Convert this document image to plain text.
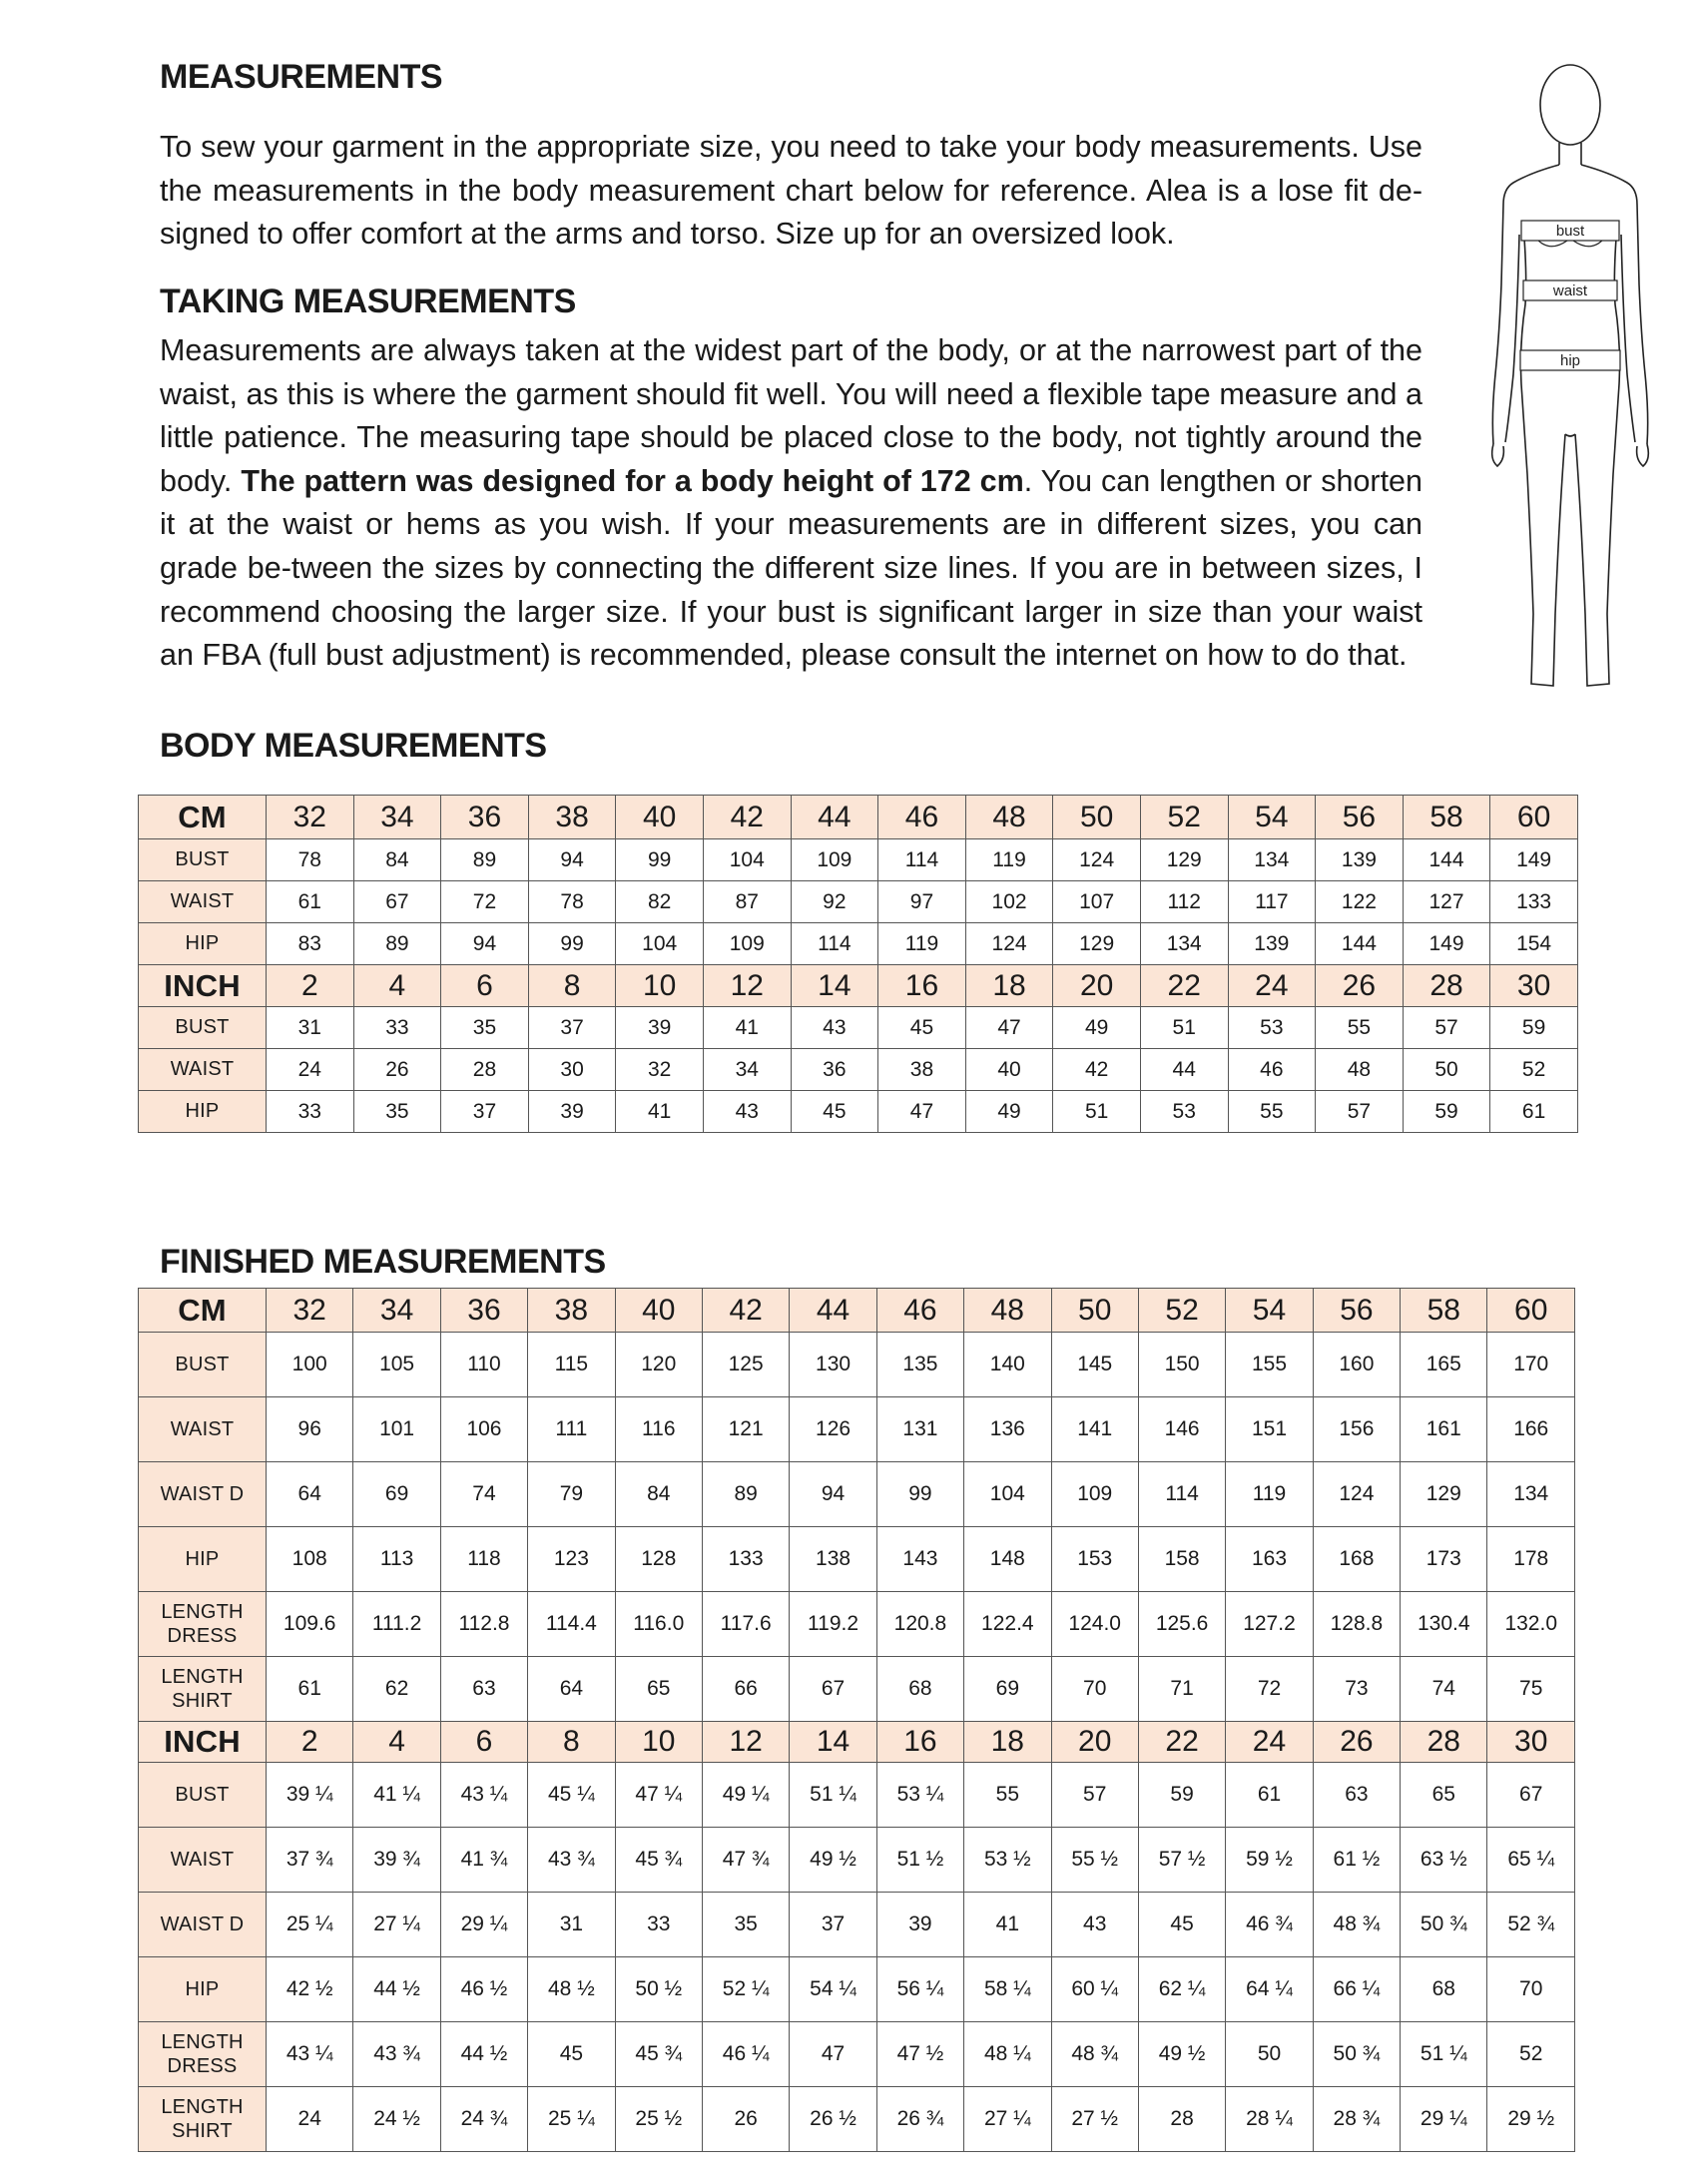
MEASUREMENTS

To sew your garment in the appropriate size, you need to take your body measurements. Use the measurements in the body measurement chart below for reference. Alea is a lose fit de-signed to offer comfort at the arms and torso. Size up for an oversized look.

TAKING MEASUREMENTS

Measurements are always taken at the widest part of the body, or at the narrowest part of the waist, as this is where the garment should fit well. You will need a flexible tape measure and a little patience. The measuring tape should be placed close to the body, not tightly around the body. The pattern was designed for a body height of 172 cm. You can lengthen or shorten it at the waist or hems as you wish. If your measurements are in different sizes, you can grade be-tween the sizes by connecting the different size lines. If you are in between sizes, I recommend choosing the larger size. If your bust is significant larger in size than your waist an FBA (full bust adjustment) is recommended, please consult the internet on how to do that.

bust
waist
hip
BODY MEASUREMENTS
CM	32	34	36	38	40	42	44	46	48	50	52	54	56	58	60
BUST	78	84	89	94	99	104	109	114	119	124	129	134	139	144	149
WAIST	61	67	72	78	82	87	92	97	102	107	112	117	122	127	133
HIP	83	89	94	99	104	109	114	119	124	129	134	139	144	149	154
INCH	2	4	6	8	10	12	14	16	18	20	22	24	26	28	30
BUST	31	33	35	37	39	41	43	45	47	49	51	53	55	57	59
WAIST	24	26	28	30	32	34	36	38	40	42	44	46	48	50	52
HIP	33	35	37	39	41	43	45	47	49	51	53	55	57	59	61
FINISHED MEASUREMENTS
CM	32	34	36	38	40	42	44	46	48	50	52	54	56	58	60
BUST	100	105	110	115	120	125	130	135	140	145	150	155	160	165	170
WAIST	96	101	106	111	116	121	126	131	136	141	146	151	156	161	166
WAIST D	64	69	74	79	84	89	94	99	104	109	114	119	124	129	134
HIP	108	113	118	123	128	133	138	143	148	153	158	163	168	173	178
LENGTH DRESS	109.6	111.2	112.8	114.4	116.0	117.6	119.2	120.8	122.4	124.0	125.6	127.2	128.8	130.4	132.0
LENGTH SHIRT	61	62	63	64	65	66	67	68	69	70	71	72	73	74	75
INCH	2	4	6	8	10	12	14	16	18	20	22	24	26	28	30
BUST	39 ¼	41 ¼	43 ¼	45 ¼	47 ¼	49 ¼	51 ¼	53 ¼	55	57	59	61	63	65	67
WAIST	37 ¾	39 ¾	41 ¾	43 ¾	45 ¾	47 ¾	49 ½	51 ½	53 ½	55 ½	57 ½	59 ½	61 ½	63 ½	65 ¼
WAIST D	25 ¼	27 ¼	29 ¼	31	33	35	37	39	41	43	45	46 ¾	48 ¾	50 ¾	52 ¾
HIP	42 ½	44 ½	46 ½	48 ½	50 ½	52 ¼	54 ¼	56 ¼	58 ¼	60 ¼	62 ¼	64 ¼	66 ¼	68	70
LENGTH DRESS	43 ¼	43 ¾	44 ½	45	45 ¾	46 ¼	47	47 ½	48 ¼	48 ¾	49 ½	50	50 ¾	51 ¼	52
LENGTH SHIRT	24	24 ½	24 ¾	25 ¼	25 ½	26	26 ½	26 ¾	27 ¼	27 ½	28	28 ¼	28 ¾	29 ¼	29 ½
